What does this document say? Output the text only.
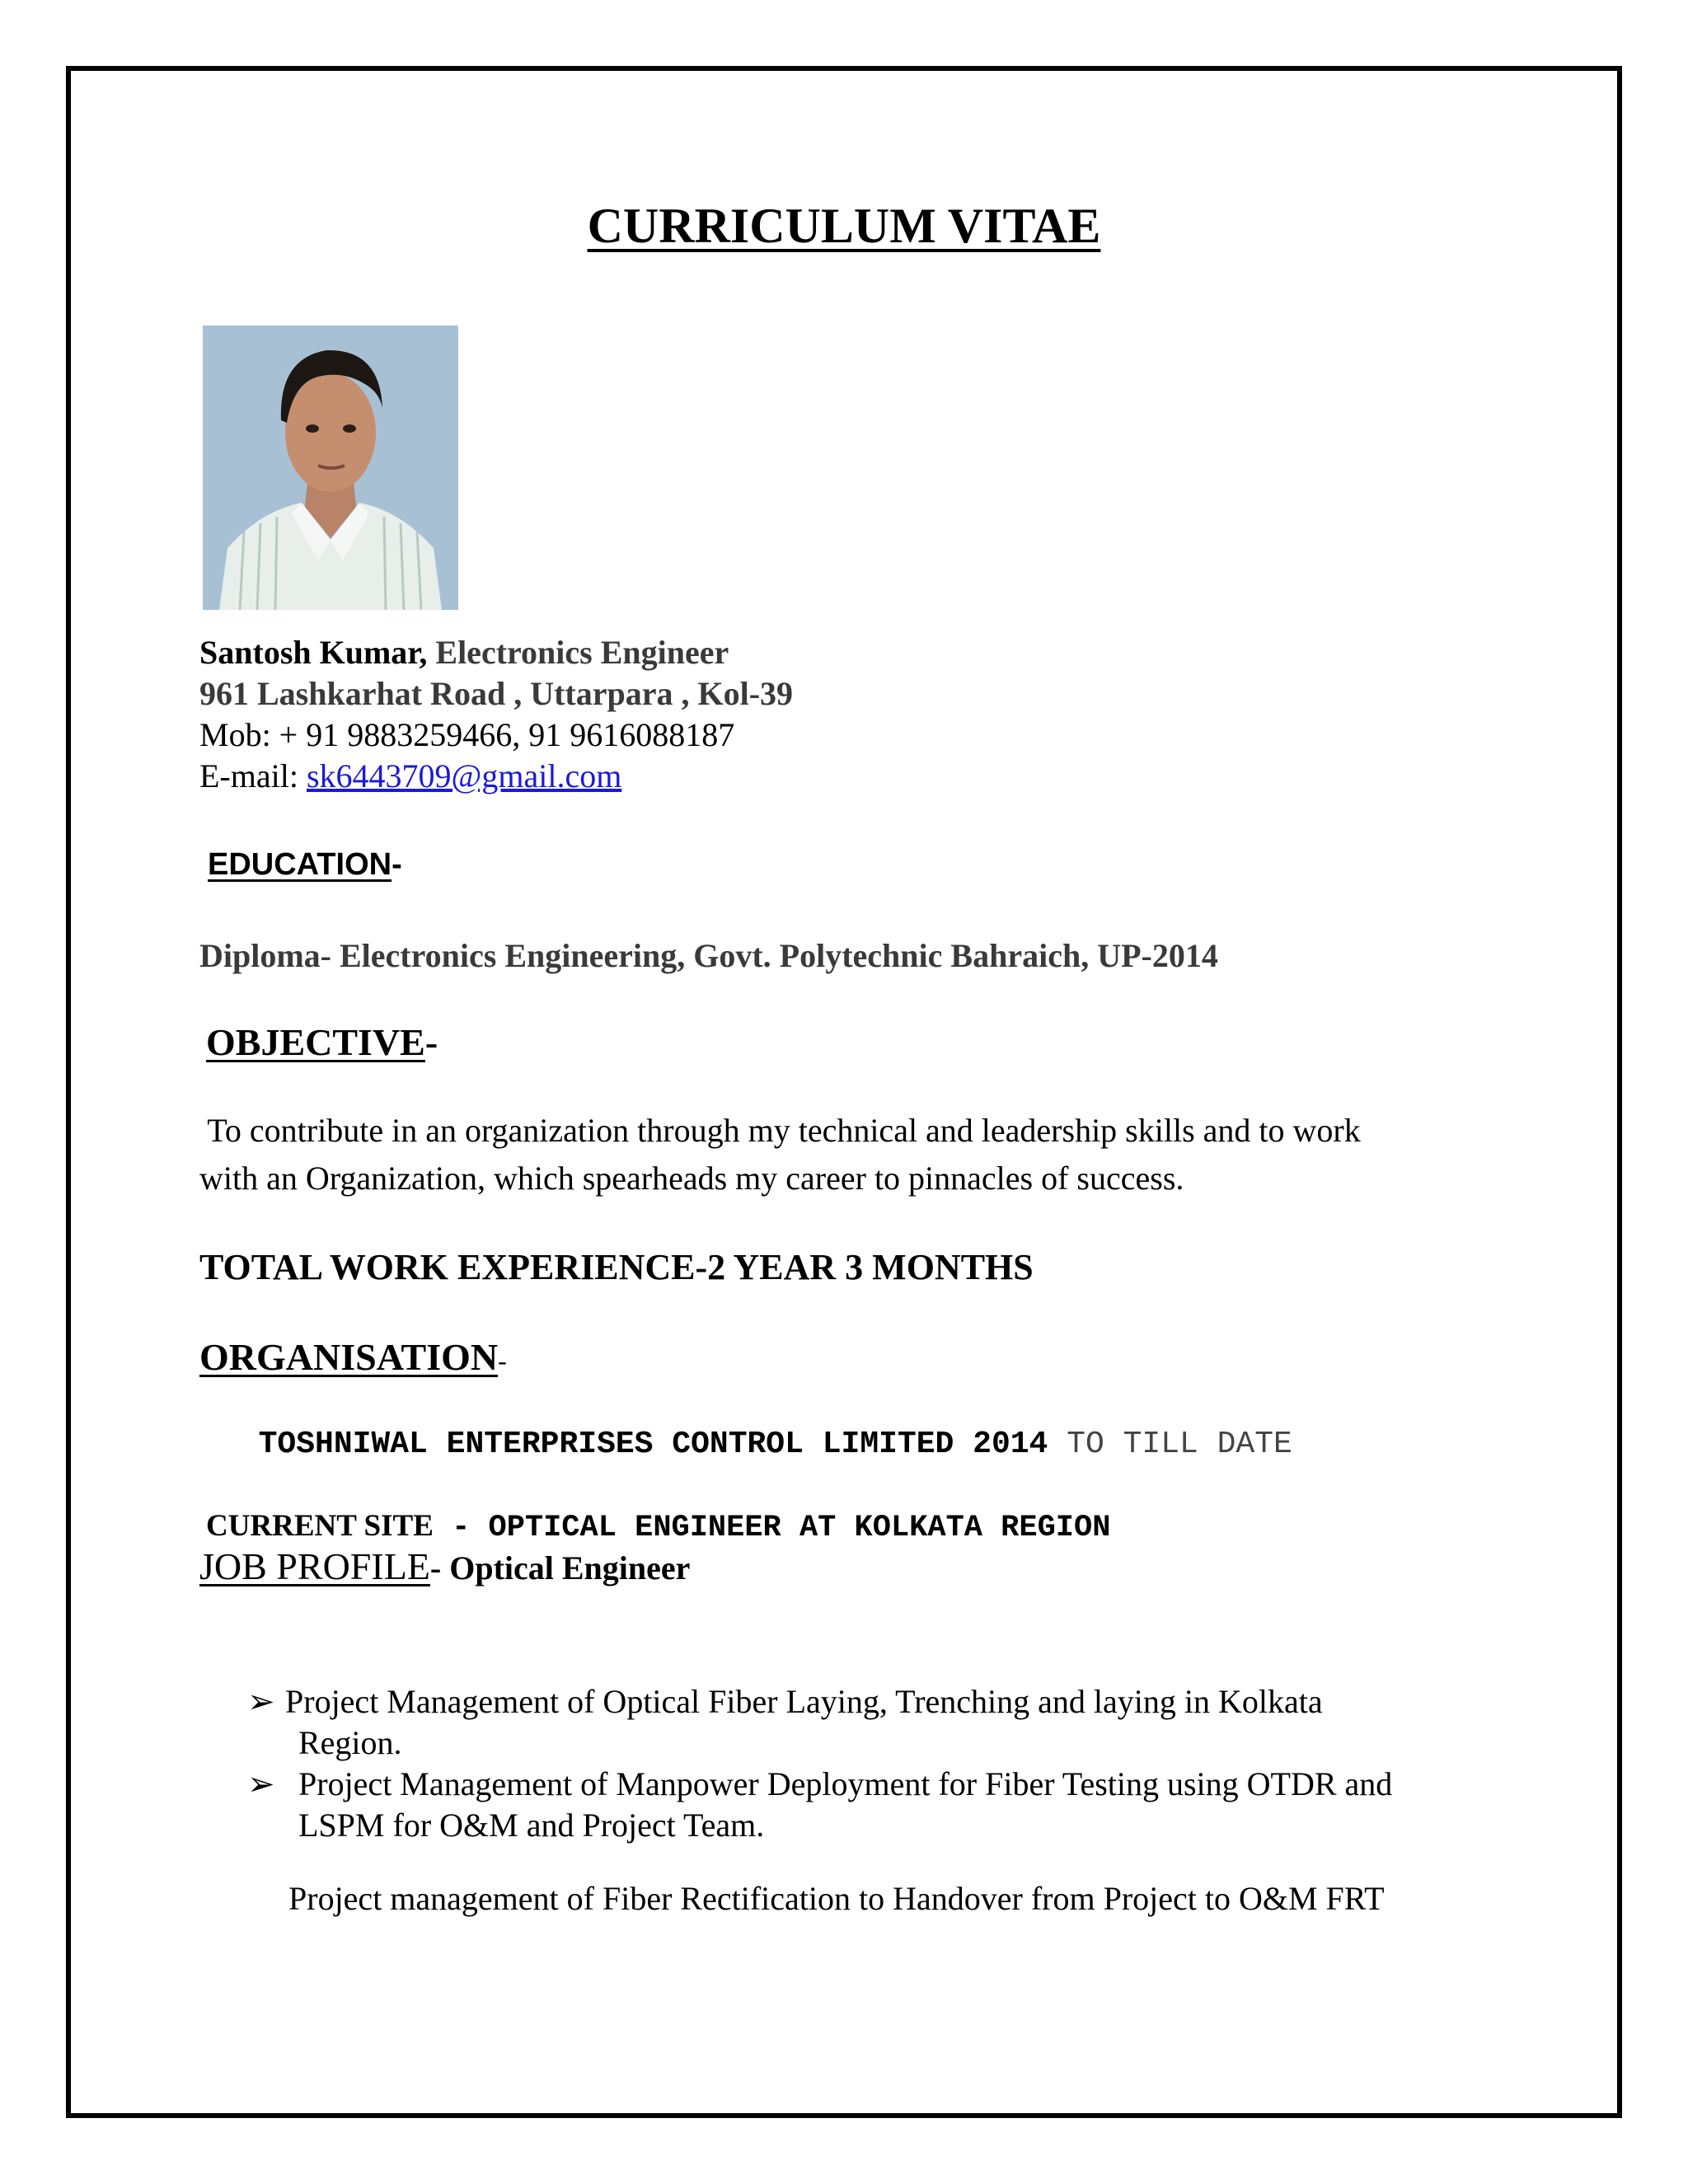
CURRICULUM VITAE
Santosh Kumar, Electronics Engineer
961 Lashkarhat Road , Uttarpara , Kol-39
Mob: + 91 9883259466, 91 9616088187
E-mail: sk6443709@gmail.com
EDUCATION-
Diploma- Electronics Engineering, Govt. Polytechnic Bahraich, UP-2014
OBJECTIVE-
To contribute in an organization through my technical and leadership skills and to work
with an Organization, which spearheads my career to pinnacles of success.
TOTAL WORK EXPERIENCE-2 YEAR 3 MONTHS
ORGANISATION-

TOSHNIWAL ENTERPRISES CONTROL LIMITED 2014 TO TILL DATE

CURRENT SITE - OPTICAL ENGINEER AT KOLKATA REGION

JOB PROFILE- Optical Engineer
➢ Project Management of Optical Fiber Laying, Trenching and laying in Kolkata
Region.
➢ Project Management of Manpower Deployment for Fiber Testing using OTDR and
LSPM for O&M and Project Team.
Project management of Fiber Rectification to Handover from Project to O&M FRT
